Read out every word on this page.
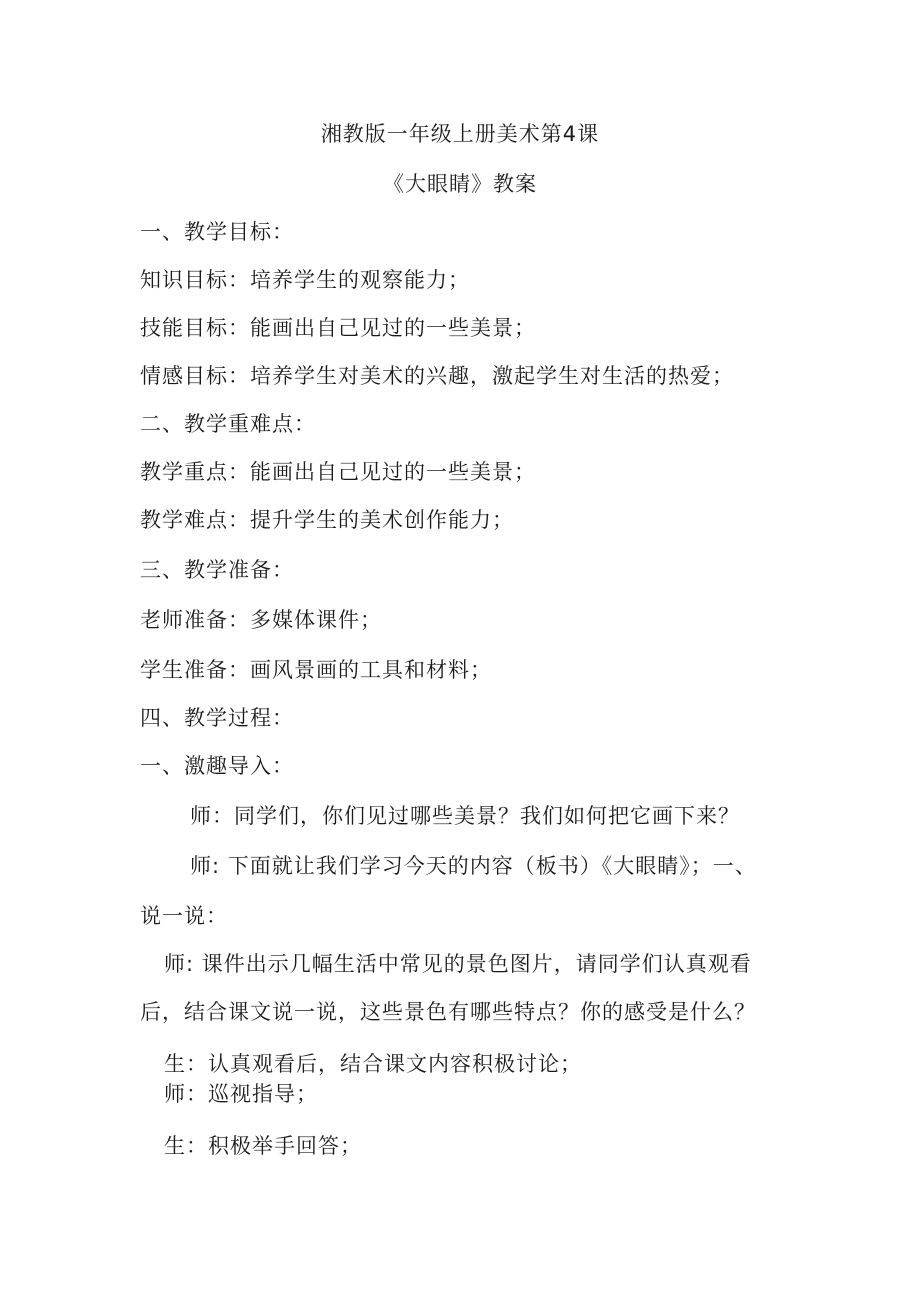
湘教版一年级上册美术第4课
《大眼睛》教案
一、教学目标：
知识目标：培养学生的观察能力；
技能目标：能画出自己见过的一些美景；
情感目标：培养学生对美术的兴趣，激起学生对生活的热爱；
二、教学重难点：
教学重点：能画出自己见过的一些美景；
教学难点：提升学生的美术创作能力；
三、教学准备：
老师准备：多媒体课件；
学生准备：画风景画的工具和材料；
四、教学过程：
一、激趣导入：
师：同学们，你们见过哪些美景？我们如何把它画下来？
师: 下面就让我们学习今天的内容（板书）《大眼睛》；一、
说一说：
师: 课件出示几幅生活中常见的景色图片，请同学们认真观看
后，结合课文说一说，这些景色有哪些特点？你的感受是什么？
生：认真观看后，结合课文内容积极讨论；
师：巡视指导；
生：积极举手回答；
